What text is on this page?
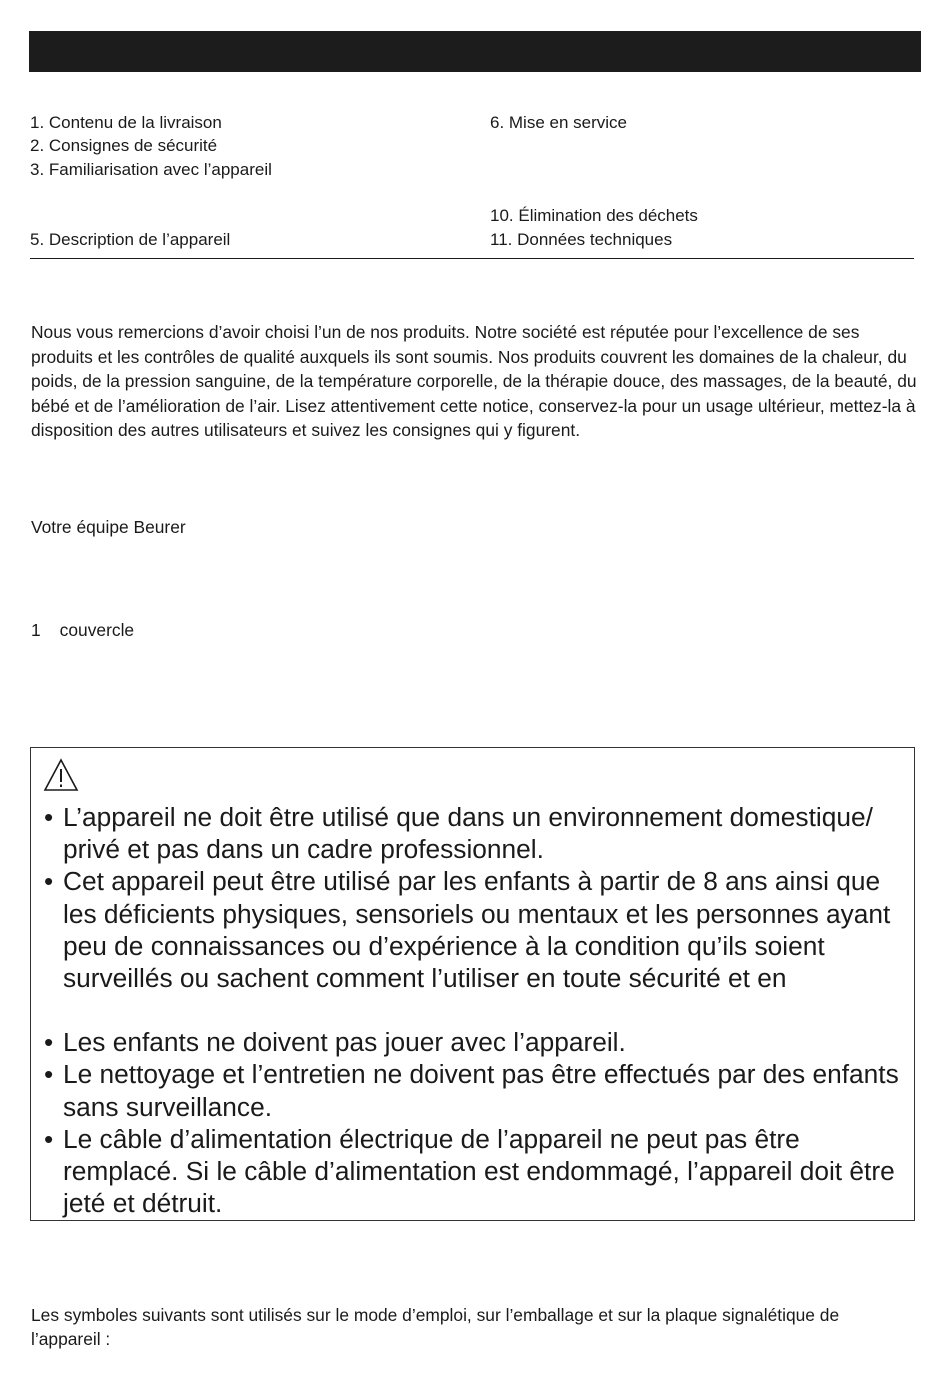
1. Contenu de la livraison
2. Consignes de sécurité
3. Familiarisation avec l’appareil
5. Description de l’appareil
6. Mise en service
10. Élimination des déchets
11. Données techniques

Nous vous remercions d’avoir choisi l’un de nos produits. Notre société est réputée pour l’excellence de ses produits et les contrôles de qualité auxquels ils sont soumis. Nos produits couvrent les domaines de la chaleur, du poids, de la pression sanguine, de la température corporelle, de la thérapie douce, des massages, de la beauté, du bébé et de l’amélioration de l’air. Lisez attentivement cette notice, conservez-la pour un usage ultérieur, mettez-la à disposition des autres utilisateurs et suivez les consignes qui y figurent.

Votre équipe Beurer

1 couvercle
• L’appareil ne doit être utilisé que dans un environnement domestique/ privé et pas dans un cadre professionnel.
• Cet appareil peut être utilisé par les enfants à partir de 8 ans ainsi que les déficients physiques, sensoriels ou mentaux et les personnes ayant peu de connaissances ou d’expérience à la condition qu’ils soient surveillés ou sachent comment l’utiliser en toute sécurité et en
• Les enfants ne doivent pas jouer avec l’appareil.
• Le nettoyage et l’entretien ne doivent pas être effectués par des enfants sans surveillance.
• Le câble d’alimentation électrique de l’appareil ne peut pas être remplacé. Si le câble d’alimentation est endommagé, l’appareil doit être jeté et détruit.

Les symboles suivants sont utilisés sur le mode d’emploi, sur l’emballage et sur la plaque signalétique de l’appareil :
